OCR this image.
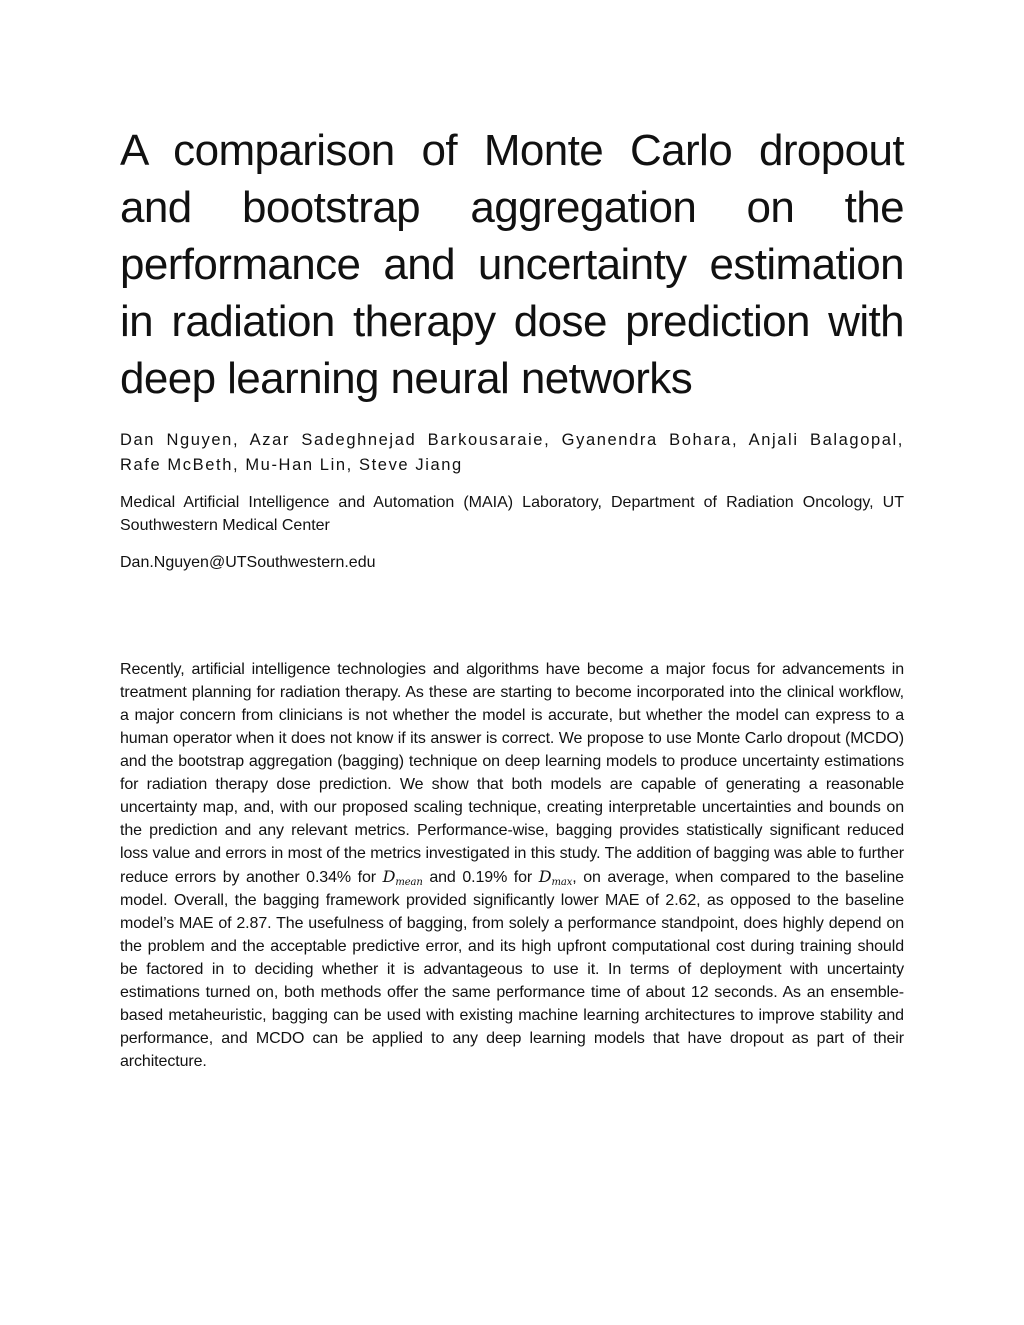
A comparison of Monte Carlo dropout and bootstrap aggregation on the performance and uncertainty estimation in radiation therapy dose prediction with deep learning neural networks

Dan Nguyen, Azar Sadeghnejad Barkousaraie, Gyanendra Bohara, Anjali Balagopal, Rafe McBeth, Mu-Han Lin, Steve Jiang

Medical Artificial Intelligence and Automation (MAIA) Laboratory, Department of Radiation Oncology, UT Southwestern Medical Center

Dan.Nguyen@UTSouthwestern.edu

Recently, artificial intelligence technologies and algorithms have become a major focus for advancements in treatment planning for radiation therapy. As these are starting to become incorporated into the clinical workflow, a major concern from clinicians is not whether the model is accurate, but whether the model can express to a human operator when it does not know if its answer is correct. We propose to use Monte Carlo dropout (MCDO) and the bootstrap aggregation (bagging) technique on deep learning models to produce uncertainty estimations for radiation therapy dose prediction. We show that both models are capable of generating a reasonable uncertainty map, and, with our proposed scaling technique, creating interpretable uncertainties and bounds on the prediction and any relevant metrics. Performance-wise, bagging provides statistically significant reduced loss value and errors in most of the metrics investigated in this study. The addition of bagging was able to further reduce errors by another 0.34% for $D_{mean}$ and 0.19% for $D_{max}$, on average, when compared to the baseline model. Overall, the bagging framework provided significantly lower MAE of 2.62, as opposed to the baseline model’s MAE of 2.87. The usefulness of bagging, from solely a performance standpoint, does highly depend on the problem and the acceptable predictive error, and its high upfront computational cost during training should be factored in to deciding whether it is advantageous to use it. In terms of deployment with uncertainty estimations turned on, both methods offer the same performance time of about 12 seconds. As an ensemble-based metaheuristic, bagging can be used with existing machine learning architectures to improve stability and performance, and MCDO can be applied to any deep learning models that have dropout as part of their architecture.
